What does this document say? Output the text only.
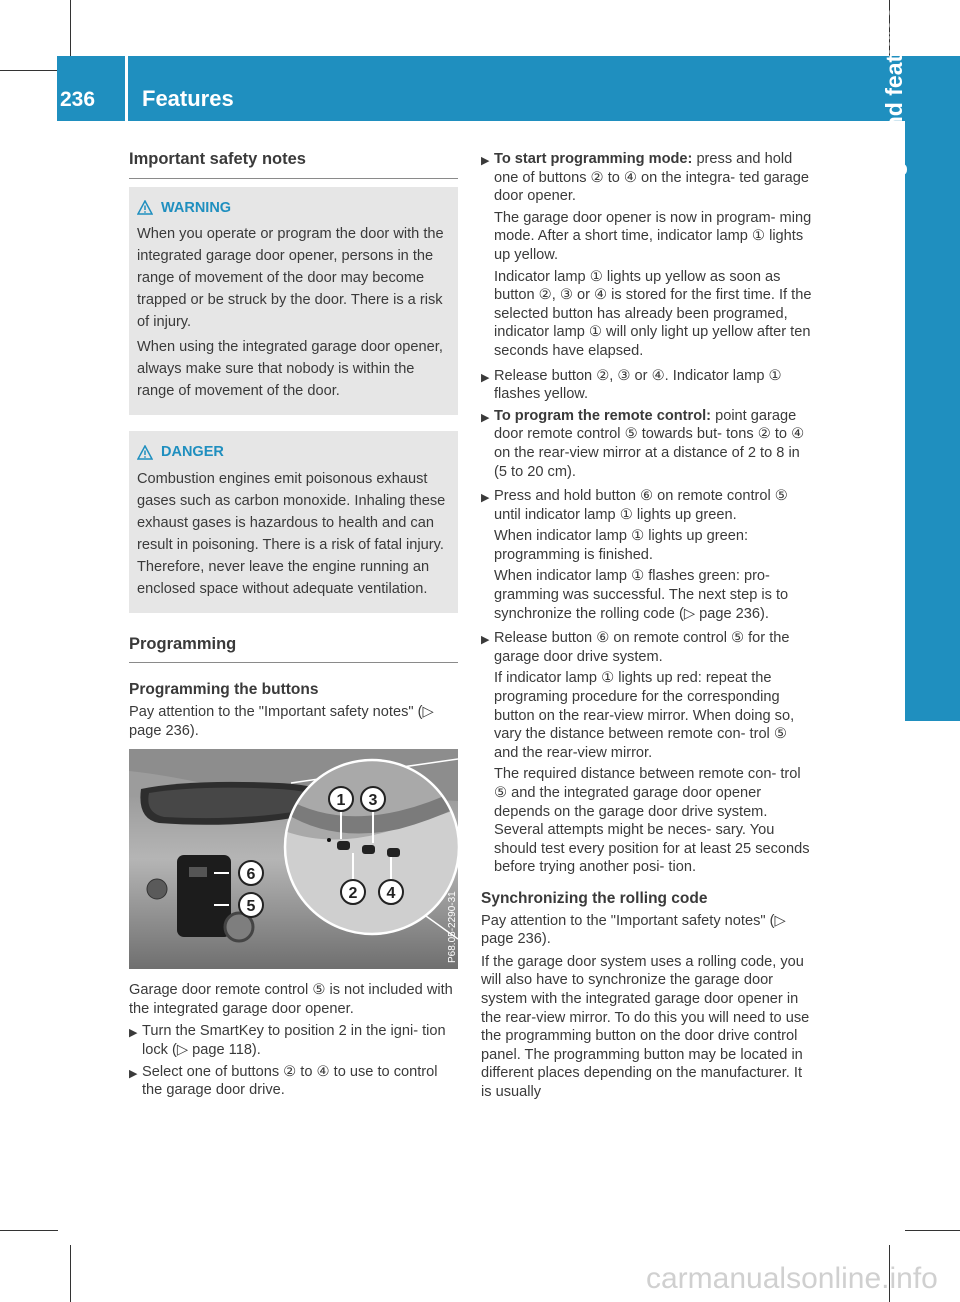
236 Features	Stowage and features
Important safety notes
WARNING

When you operate or program the door with the integrated garage door opener, persons in the range of movement of the door may become trapped or be struck by the door. There is a risk of injury.

When using the integrated garage door opener, always make sure that nobody is within the range of movement of the door.

DANGER

Combustion engines emit poisonous exhaust gases such as carbon monoxide. Inhaling these exhaust gases is hazardous to health and can result in poisoning. There is a risk of fatal injury. Therefore, never leave the engine running an enclosed space without adequate ventilation.

Programming
Programming the buttons

Pay attention to the "Important safety notes" (▷ page 236).

1 3
6
5
2 4	P68.05-2290-31

Garage door remote control ⑤ is not included with the integrated garage door opener.

▶ Turn the SmartKey to position 2 in the igni- tion lock (▷ page 118).
▶ Select one of buttons ② to ④ to use to control the garage door drive.
▶ To start programming mode: press and hold one of buttons ② to ④ on the integra- ted garage door opener.

The garage door opener is now in program- ming mode. After a short time, indicator lamp ① lights up yellow.

Indicator lamp ① lights up yellow as soon as button ②, ③ or ④ is stored for the first time. If the selected button has already been programed, indicator lamp ① will only light up yellow after ten seconds have elapsed.

▶ Release button ②, ③ or ④. Indicator lamp ① flashes yellow.
▶ To program the remote control: point garage door remote control ⑤ towards but- tons ② to ④ on the rear-view mirror at a distance of 2 to 8 in (5 to 20 cm).

▶ Press and hold button ⑥ on remote control ⑤ until indicator lamp ① lights up green.

When indicator lamp ① lights up green: programming is finished.

When indicator lamp ① flashes green: pro- gramming was successful. The next step is to synchronize the rolling code (▷ page 236).

▶ Release button ⑥ on remote control ⑤ for the garage door drive system.

If indicator lamp ① lights up red: repeat the programing procedure for the corresponding button on the rear-view mirror. When doing so, vary the distance between remote con- trol ⑤ and the rear-view mirror.

The required distance between remote con- trol ⑤ and the integrated garage door opener depends on the garage door drive system. Several attempts might be neces- sary. You should test every position for at least 25 seconds before trying another posi- tion.

Synchronizing the rolling code

Pay attention to the "Important safety notes" (▷ page 236).

If the garage door system uses a rolling code, you will also have to synchronize the garage door system with the integrated garage door opener in the rear-view mirror. To do this you will need to use the programming button on the door drive control panel. The programming button may be located in different places depending on the manufacturer. It is usually

carmanualsonline.info
